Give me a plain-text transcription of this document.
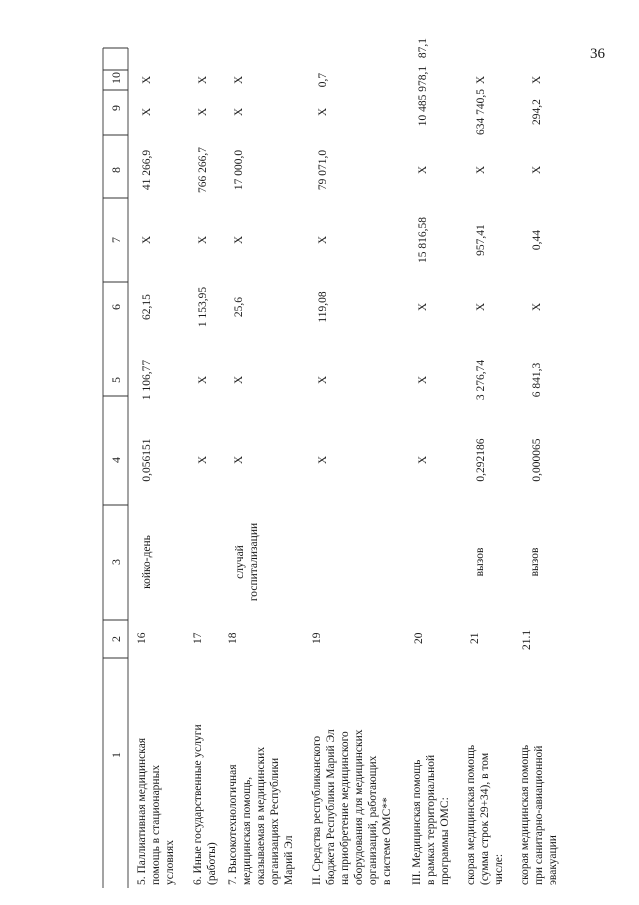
36
1
2
3
4
5
6
7
8
9
10
5. Паллиативная медицинская помощь в стационарных условиях
16
койко-день
0,056151
1 106,77
62,15
X
41 266,9
X
X
6. Иные государственные услуги (работы)
17
X
X
1 153,95
X
766 266,7
X
X
7. Высокотехнологичная медицинская помощь, оказываемая в медицинских организациях Республики Марий Эл
18
случай госпитализации
X
X
25,6
X
17 000,0
X
X
II. Средства республиканского бюджета Республики Марий Эл на приобретение медицинского оборудования для медицинских организаций, работающих в системе ОМС**
19
X
X
119,08
X
79 071,0
X
0,7
III. Медицинская помощь в рамках территориальной программы ОМС:
20
X
X
X
15 816,58
X
10 485 978,1
87,1
скорая медицинская помощь (сумма строк 29+34), в том числе:
21
вызов
0,292186
3 276,74
X
957,41
X
634 740,5
X
скорая медицинская помощь при санитарно-авиационной эвакуации
21.1
вызов
0,000065
6 841,3
X
0,44
X
294,2
X
